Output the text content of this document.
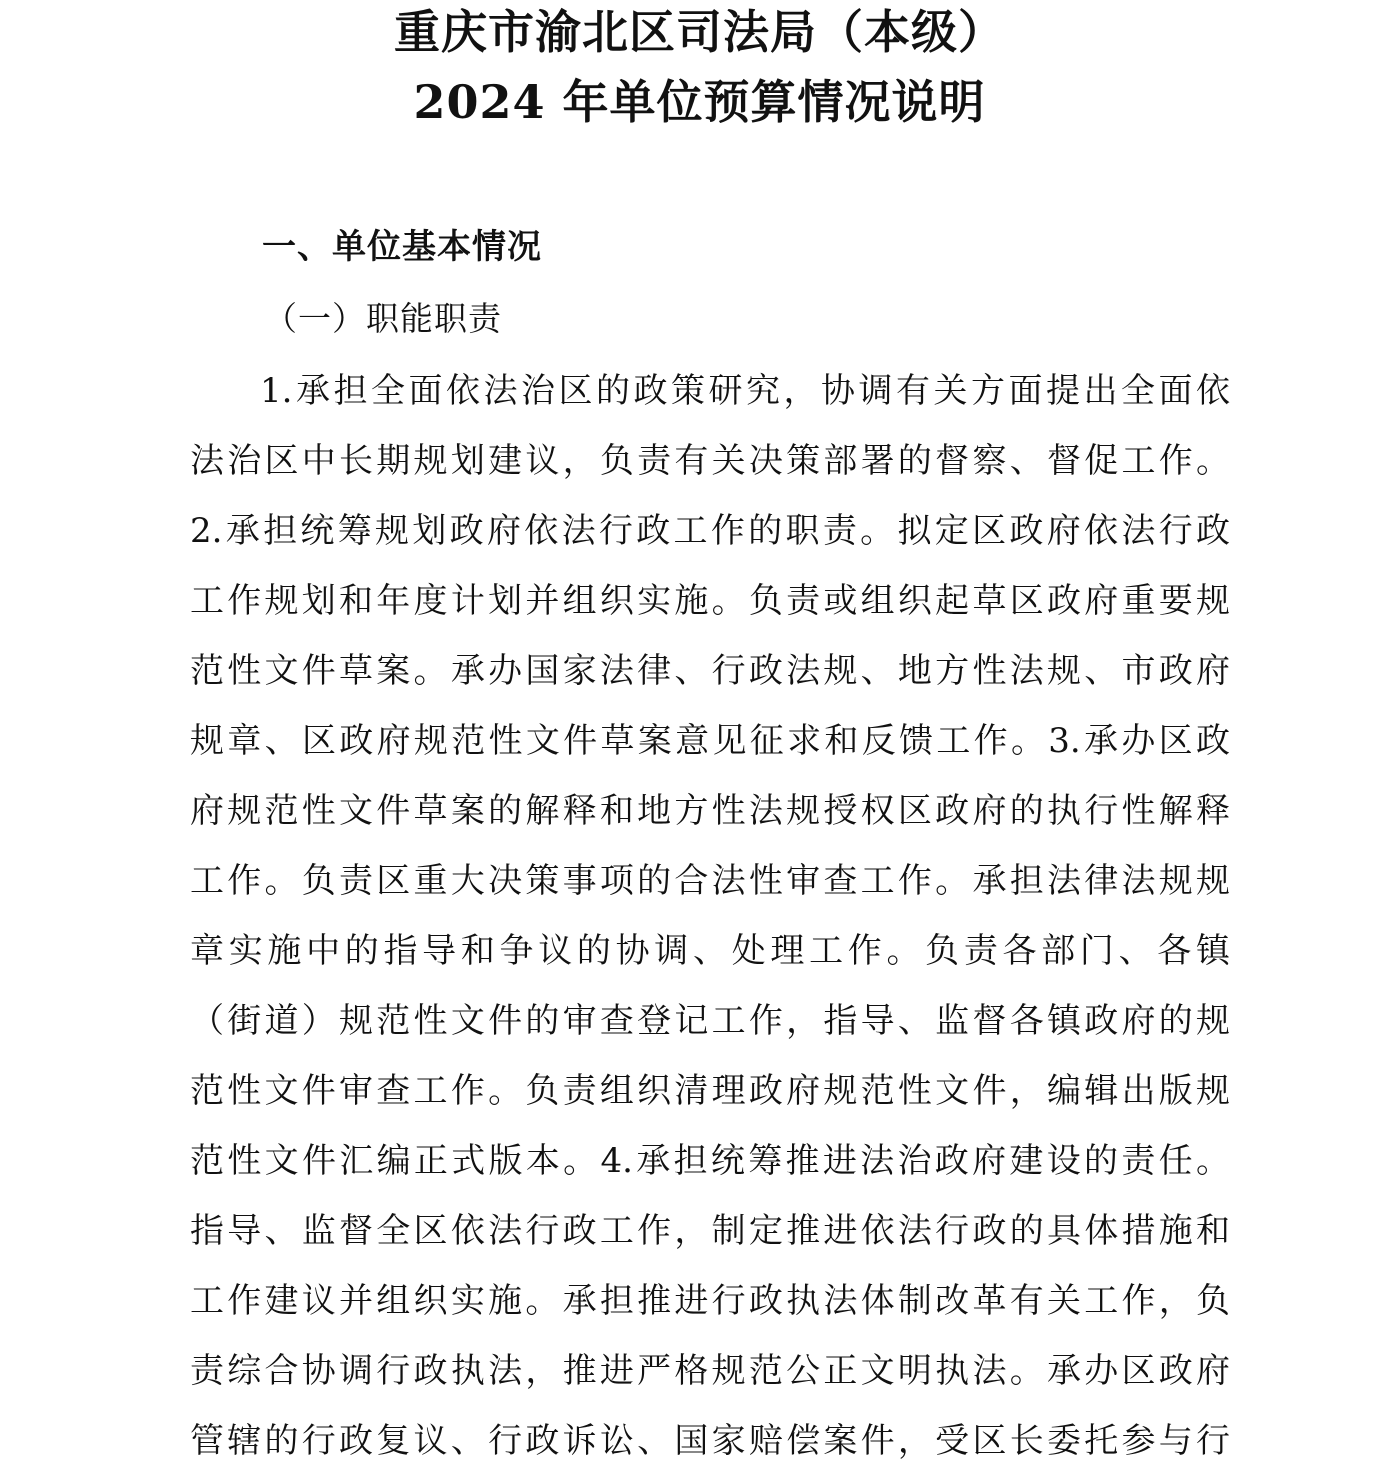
重庆市渝北区司法局（本级）
2024 年单位预算情况说明
一、单位基本情况
（一）职能职责
1.承担全面依法治区的政策研究，协调有关方面提出全面依
法治区中长期规划建议，负责有关决策部署的督察、督促工作。
2.承担统筹规划政府依法行政工作的职责。拟定区政府依法行政
工作规划和年度计划并组织实施。负责或组织起草区政府重要规
范性文件草案。承办国家法律、行政法规、地方性法规、市政府
规章、区政府规范性文件草案意见征求和反馈工作。3.承办区政
府规范性文件草案的解释和地方性法规授权区政府的执行性解释
工作。负责区重大决策事项的合法性审查工作。承担法律法规规
章实施中的指导和争议的协调、处理工作。负责各部门、各镇
（街道）规范性文件的审查登记工作，指导、监督各镇政府的规
范性文件审查工作。负责组织清理政府规范性文件，编辑出版规
范性文件汇编正式版本。4.承担统筹推进法治政府建设的责任。
指导、监督全区依法行政工作，制定推进依法行政的具体措施和
工作建议并组织实施。承担推进行政执法体制改革有关工作，负
责综合协调行政执法，推进严格规范公正文明执法。承办区政府
管辖的行政复议、行政诉讼、国家赔偿案件，受区长委托参与行
